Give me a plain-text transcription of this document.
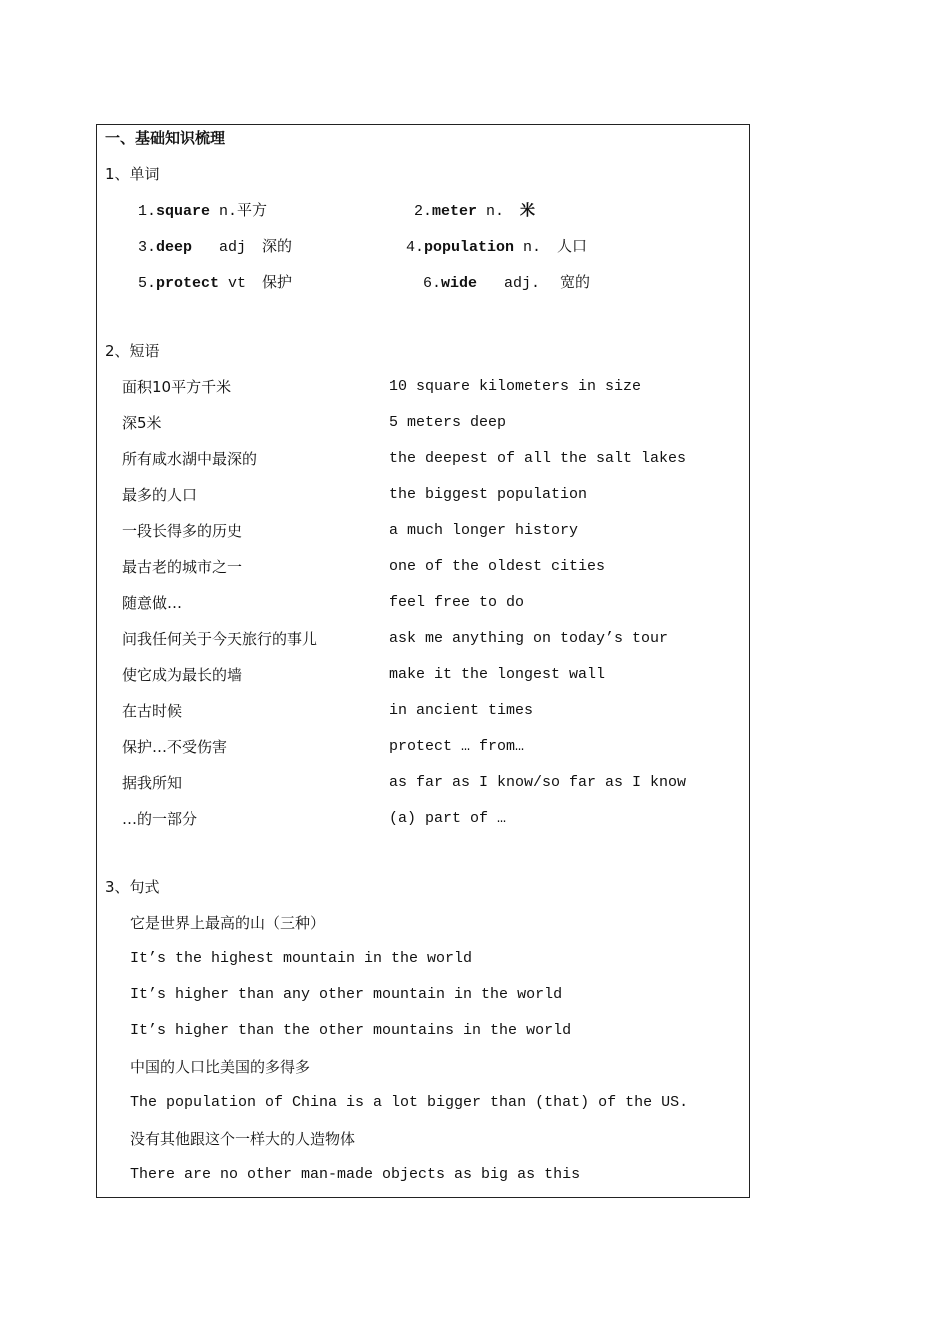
一、基础知识梳理
1、单词
1.square n.平方	2.meter n. 米
3.deep   adj 深的	4.population n. 人口
5.protect vt 保护	6.wide   adj. 宽的
2、短语
面积10平方千米	10 square kilometers in size
深5米	5 meters deep
所有咸水湖中最深的	the deepest of all the salt lakes
最多的人口	the biggest population
一段长得多的历史	a much longer history
最古老的城市之一	one of the oldest cities
随意做…	feel free to do
问我任何关于今天旅行的事儿	ask me anything on today’s tour
使它成为最长的墙	make it the longest wall
在古时候	in ancient times
保护…不受伤害	protect … from…
据我所知	as far as I know/so far as I know
…的一部分	(a) part of …
3、句式
它是世界上最高的山（三种）
It’s the highest mountain in the world
It’s higher than any other mountain in the world
It’s higher than the other mountains in the world
中国的人口比美国的多得多
The population of China is a lot bigger than (that) of the US.
没有其他跟这个一样大的人造物体
There are no other man-made objects as big as this
